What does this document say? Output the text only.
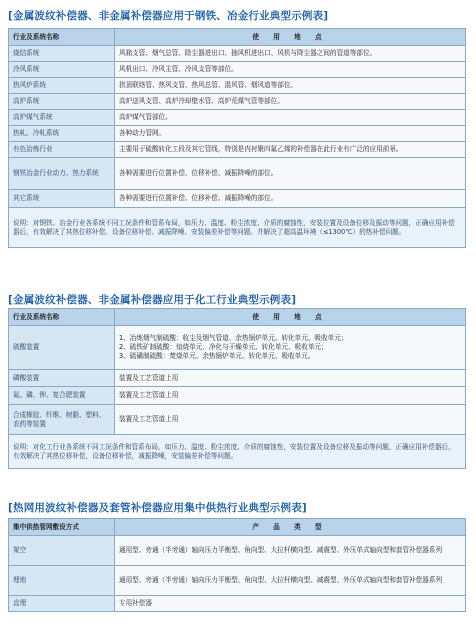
[金属波纹补偿器、非金属补偿器应用于钢铁、冶金行业典型示例表]
行业及系统名称	使 用 地 点
烧结系统	风箱支管、烟气总管、除尘器进出口、抽风机进出口、风机与降尘器之间的管道等部位。
冷风系统	风机出口、冷风主管、冷风支管等部位。
热风炉系统	拱顶联络管、热风支管、热风总管、混风管、烟风道等部位。
高炉系统	高炉送风支管、高炉冷却壁水管、高炉荒煤气管等部位。
高炉煤气系统	高炉煤气管部位。
热轧、冷轧系统	各种动力管网。
有色冶炼行业	主要用于硫酸转化工段及其它管线，特别是内衬聚四氟乙烯的补偿器在此行业有广泛的应用前景。
钢铁冶金行业动力、热力系统	各种需要进行位置补偿、位移补偿、减振降噪的部位。
其它系统	各种需要进行位置补偿、位移补偿、减振降噪的部位。
说明：对钢铁、冶金行业各系统不同工况条件和管系布局，如压力、温度、粉尘浓度、介质的腐蚀性，安装位置及设备位移及振动等问题，正确应用补偿器后，有效解决了其热位移补偿、设备位移补偿、减振降噪、安装偏差补偿等问题。并解决了超高温环境（≤1300℃）的热补偿问题。	
[金属波纹补偿器、非金属补偿器应用于化工行业典型示例表]
行业及系统名称	使 用 地 点
硫酸装置	1、冶炼烟气制硫酸：收尘及烟气管道、余热锅炉单元、转化单元、吸收单元；
2、硫铁矿制硫酸：焙烧单元、净化与干燥单元、转化单元、吸收单元；
3、硫磺制硫酸：焚烧单元、余热锅炉单元、转化单元、吸收单元。

磷酸装置	装置及工艺管道上用
氮、磷、钾、复合肥装置	装置及工艺管道上用
合成橡胶、纤维、树脂、塑料、农药等装置	装置及工艺管道上用
说明：对化工行业各系统不同工况条件和管系布局，如压力、温度、粉尘浓度、介质的腐蚀性，安装位置及设备位移及振动等问题，正确应用补偿器后，有效解决了其热位移补偿，设备位移补偿，减振降噪，安装偏差补偿等问题。	
[热网用波纹补偿器及套管补偿器应用集中供热行业典型示例表]
集中供热管网敷设方式	产 品 类 型
架空	通用型、旁通（半旁通）轴向压力平衡型、角向型、大拉杆横向型、减震型、外压单式轴向型和套管补偿器系列
埋地	通用型、旁通（半旁通）轴向压力平衡型、角向型、大拉杆横向型、减震型、外压单式轴向型和套管补偿器系列
直埋	专用补偿器
